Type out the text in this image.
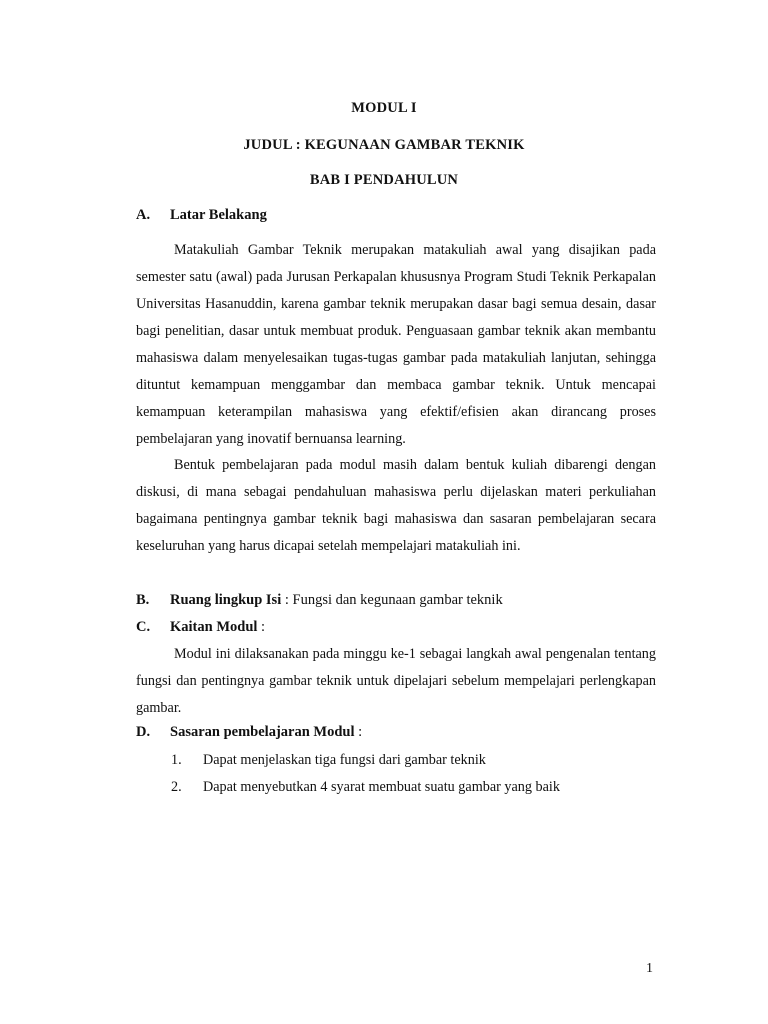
MODUL I
JUDUL : KEGUNAAN GAMBAR TEKNIK
BAB I PENDAHULUN
A. Latar Belakang
Matakuliah Gambar Teknik merupakan matakuliah awal yang disajikan pada semester satu (awal) pada Jurusan Perkapalan khususnya Program Studi Teknik Perkapalan Universitas Hasanuddin, karena gambar teknik merupakan dasar bagi semua desain, dasar bagi penelitian, dasar untuk membuat produk. Penguasaan gambar teknik akan membantu mahasiswa dalam menyelesaikan tugas-tugas gambar pada matakuliah lanjutan, sehingga dituntut kemampuan menggambar dan membaca gambar teknik. Untuk mencapai kemampuan keterampilan mahasiswa yang efektif/efisien akan dirancang proses pembelajaran yang inovatif bernuansa learning.
Bentuk pembelajaran pada modul masih dalam bentuk kuliah dibarengi dengan diskusi, di mana sebagai pendahuluan mahasiswa perlu dijelaskan materi perkuliahan bagaimana pentingnya gambar teknik bagi mahasiswa dan sasaran pembelajaran secara keseluruhan yang harus dicapai setelah mempelajari matakuliah ini.
B. Ruang lingkup Isi : Fungsi dan kegunaan gambar teknik
C. Kaitan Modul :
Modul ini dilaksanakan pada minggu ke-1 sebagai langkah awal pengenalan tentang fungsi dan pentingnya gambar teknik untuk dipelajari sebelum mempelajari perlengkapan gambar.
D. Sasaran pembelajaran Modul :
1. Dapat menjelaskan tiga fungsi dari gambar teknik
2. Dapat menyebutkan 4 syarat membuat suatu gambar yang baik
1
